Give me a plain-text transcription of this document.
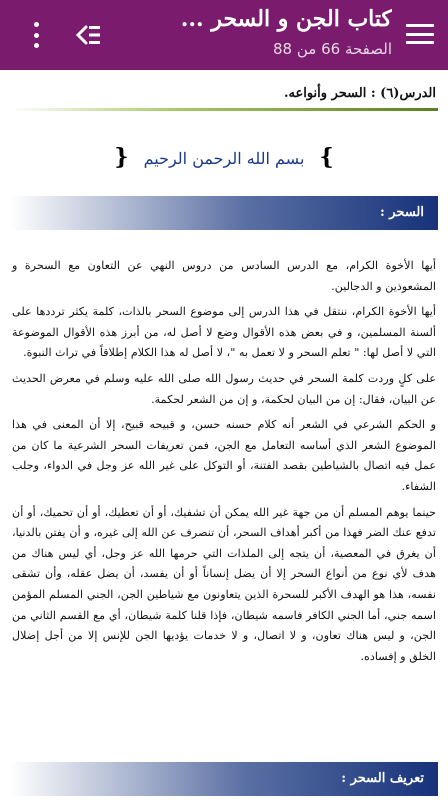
كتاب الجن و السحر ...
الصفحة 66 من 88
الدرس(٦) : السحر وأنواعه.
} بسم الله الرحمن الرحيم {
السحر :

أيها الأخوة الكرام، مع الدرس السادس من دروس النهي عن التعاون مع السحرة و المشعوذين و الدجالين.

أيها الأخوة الكرام، ننتقل في هذا الدرس إلى موضوع السحر بالذات، كلمة يكثر ترددها على ألسنة المسلمين، و في بعض هذه الأقوال وضع لا أصل له، من أبرز هذه الأقوال الموضوعة التي لا أصل لها: " تعلم السحر و لا تعمل به "، لا أصل له هذا الكلام إطلاقاً في تراث النبوة.

على كلٍ وردت كلمة السحر في حديث رسول الله صلى الله عليه وسلم في معرض الحديث عن البيان، فقال: إن من البيان لحكمة، و إن من الشعر لحكمة.

و الحكم الشرعي في الشعر أنه كلام حسنه حسن، و قبيحه قبيح، إلا أن المعنى في هذا الموضوع الشعر الذي أساسه التعامل مع الجن، فمن تعريفات السحر الشرعية ما كان من عمل فيه اتصال بالشياطين بقصد الفتنة، أو التوكل على غير الله عز وجل في الدواء، وجلب الشفاء.

حينما يوهم المسلم أن من جهة غير الله يمكن أن تشفيك، أو أن تعطيك، أو أن تحميك، أو أن تدفع عنك الضر فهذا من أكبر أهداف السحر، أن تنصرف عن الله إلى غيره، و أن يفتن بالدنيا، أن يغرق في المعصية، أن يتجه إلى الملذات التي حرمها الله عز وجل، أي ليس هناك من هدف لأي نوع من أنواع السحر إلا أن يضل إنساناً أو أن يفسد، أن يضل عقله، وأن تشقى نفسه، هذا هو الهدف الأكبر للسحرة الذين يتعاونون مع شياطين الجن، الجني المسلم المؤمن اسمه جني، أما الجني الكافر فاسمه شيطان، فإذا قلنا كلمة شيطان، أي مع القسم الثاني من الجن، و ليس هناك تعاون، و لا اتصال، و لا خدمات يؤديها الجن للإنس إلا من أجل إضلال الخلق و إفساده.

تعريف السحر :
